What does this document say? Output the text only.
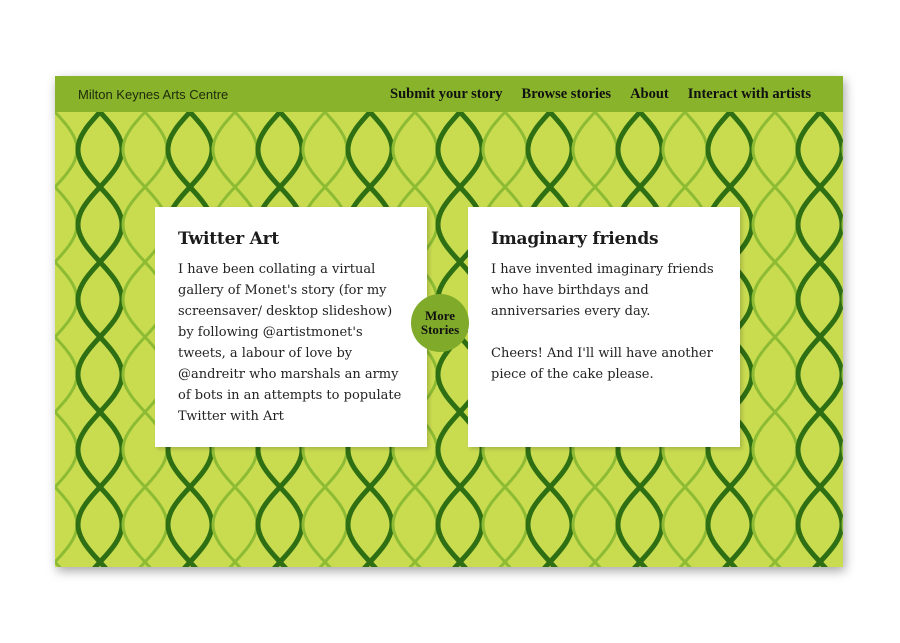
Milton Keynes Arts Centre	Submit your story Browse stories About Interact with artists
Twitter Art

I have been collating a virtual gallery of Monet's story (for my screensaver/ desktop slideshow) by following @artistmonet's tweets, a labour of love by @andreitr who marshals an army of bots in an attempts to populate Twitter with Art

Imaginary friends

I have invented imaginary friends who have birthdays and anniversaries every day.

Cheers! And I'll will have another piece of the cake please.

More
Stories
